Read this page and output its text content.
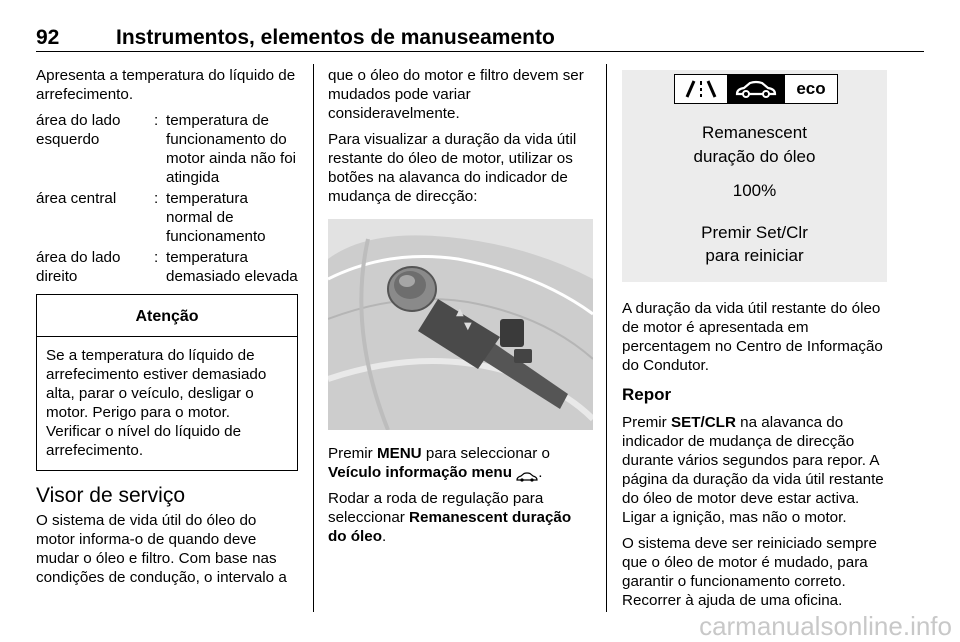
92	Instrumentos, elementos de manuseamento

Apresenta a temperatura do líquido de arrefecimento.

área do lado esquerdo
: temperatura de funcionamento do motor ainda não foi atingida
área central	: temperatura normal de funcionamento
área do lado direito
: temperatura demasiado elevada
Atenção
Se a temperatura do líquido de arrefecimento estiver demasiado alta, parar o veículo, desligar o motor. Perigo para o motor. Verificar o nível do líquido de arrefecimento.
Visor de serviço

O sistema de vida útil do óleo do motor informa-o de quando deve mudar o óleo e filtro. Com base nas condições de condução, o intervalo a

que o óleo do motor e filtro devem ser mudados pode variar consideravelmente.

Para visualizar a duração da vida útil restante do óleo de motor, utilizar os botões na alavanca do indicador de mudança de direcção:

▲
▼

Premir MENU para seleccionar o Veículo informação menu .

Rodar a roda de regulação para seleccionar Remanescent duração do óleo.

eco
Remanescent
duração do óleo
100%
Premir Set/Clr
para reiniciar

A duração da vida útil restante do óleo de motor é apresentada em percentagem no Centro de Informação do Condutor.

Repor

Premir SET/CLR na alavanca do indicador de mudança de direcção durante vários segundos para repor. A página da duração da vida útil restante do óleo de motor deve estar activa. Ligar a ignição, mas não o motor.

O sistema deve ser reiniciado sempre que o óleo de motor é mudado, para garantir o funcionamento correto. Recorrer à ajuda de uma oficina.

carmanualsonline.info
